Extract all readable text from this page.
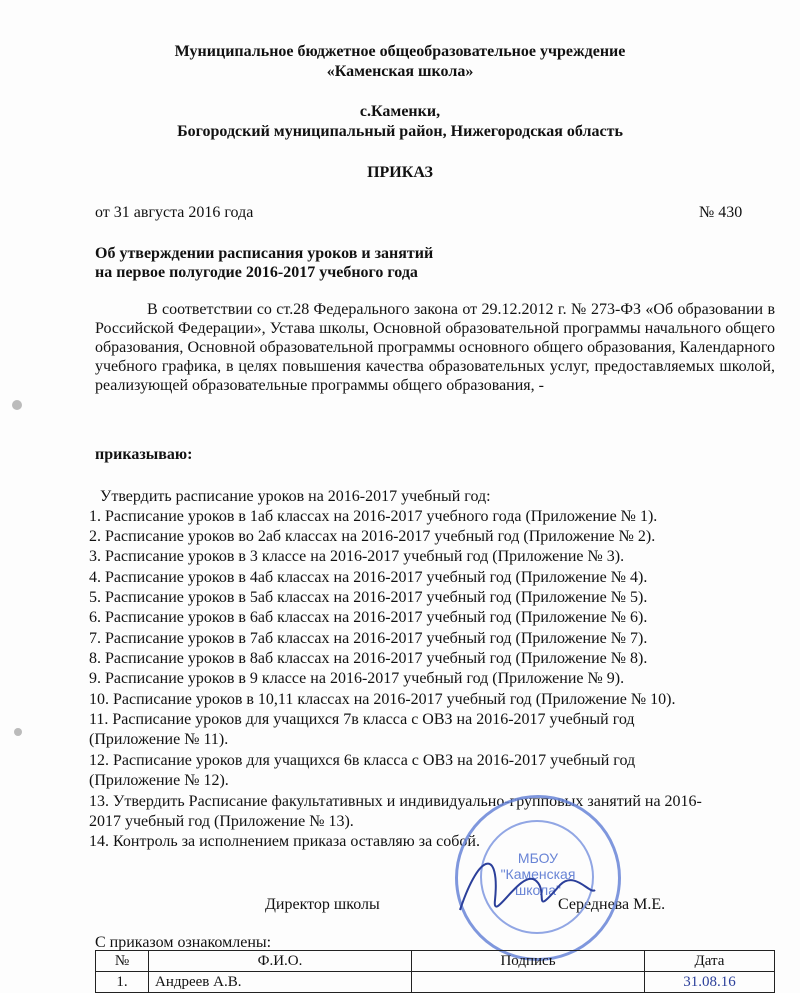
Муниципальное бюджетное общеобразовательное учреждение
«Каменская школа»
с.Каменки,
Богородский муниципальный район, Нижегородская область
ПРИКАЗ
от 31 августа 2016 года	№ 430
Об утверждении расписания уроков и занятий
на первое полугодие 2016-2017 учебного года
В соответствии со ст.28 Федерального закона от 29.12.2012 г. № 273-ФЗ «Об образовании в Российской Федерации», Устава школы, Основной образовательной программы начального общего образования, Основной образовательной программы основного общего образования, Календарного учебного графика, в целях повышения качества образовательных услуг, предоставляемых школой, реализующей образовательные программы общего образования, -
приказываю:
Утвердить расписание уроков на 2016-2017 учебный год:
1. Расписание уроков в 1аб классах на 2016-2017 учебного года (Приложение № 1).
2. Расписание уроков во 2аб классах на 2016-2017 учебный год (Приложение № 2).
3. Расписание уроков в 3 классе на 2016-2017 учебный год (Приложение № 3).
4. Расписание уроков в 4аб классах на 2016-2017 учебный год (Приложение № 4).
5. Расписание уроков в 5аб классах на 2016-2017 учебный год (Приложение № 5).
6. Расписание уроков в 6аб классах на 2016-2017 учебный год (Приложение № 6).
7. Расписание уроков в 7аб классах на 2016-2017 учебный год (Приложение № 7).
8. Расписание уроков в 8аб классах на 2016-2017 учебный год (Приложение № 8).
9. Расписание уроков в 9 классе на 2016-2017 учебный год (Приложение № 9).
10. Расписание уроков в 10,11 классах на 2016-2017 учебный год (Приложение № 10).
11. Расписание уроков для учащихся 7в класса с ОВЗ на 2016-2017 учебный год
(Приложение № 11).
12. Расписание уроков для учащихся 6в класса с ОВЗ на 2016-2017 учебный год
(Приложение № 12).
13. Утвердить Расписание факультативных и индивидуально-групповых занятий на 2016-
2017 учебный год (Приложение № 13).
14. Контроль за исполнением приказа оставляю за собой.
Директор школы	Середнева М.Е.
МБОУ
"Каменская
школа"
С приказом ознакомлены:
№	Ф.И.О.	Подпись	Дата
1.	Андреев А.В.		31.08.16
